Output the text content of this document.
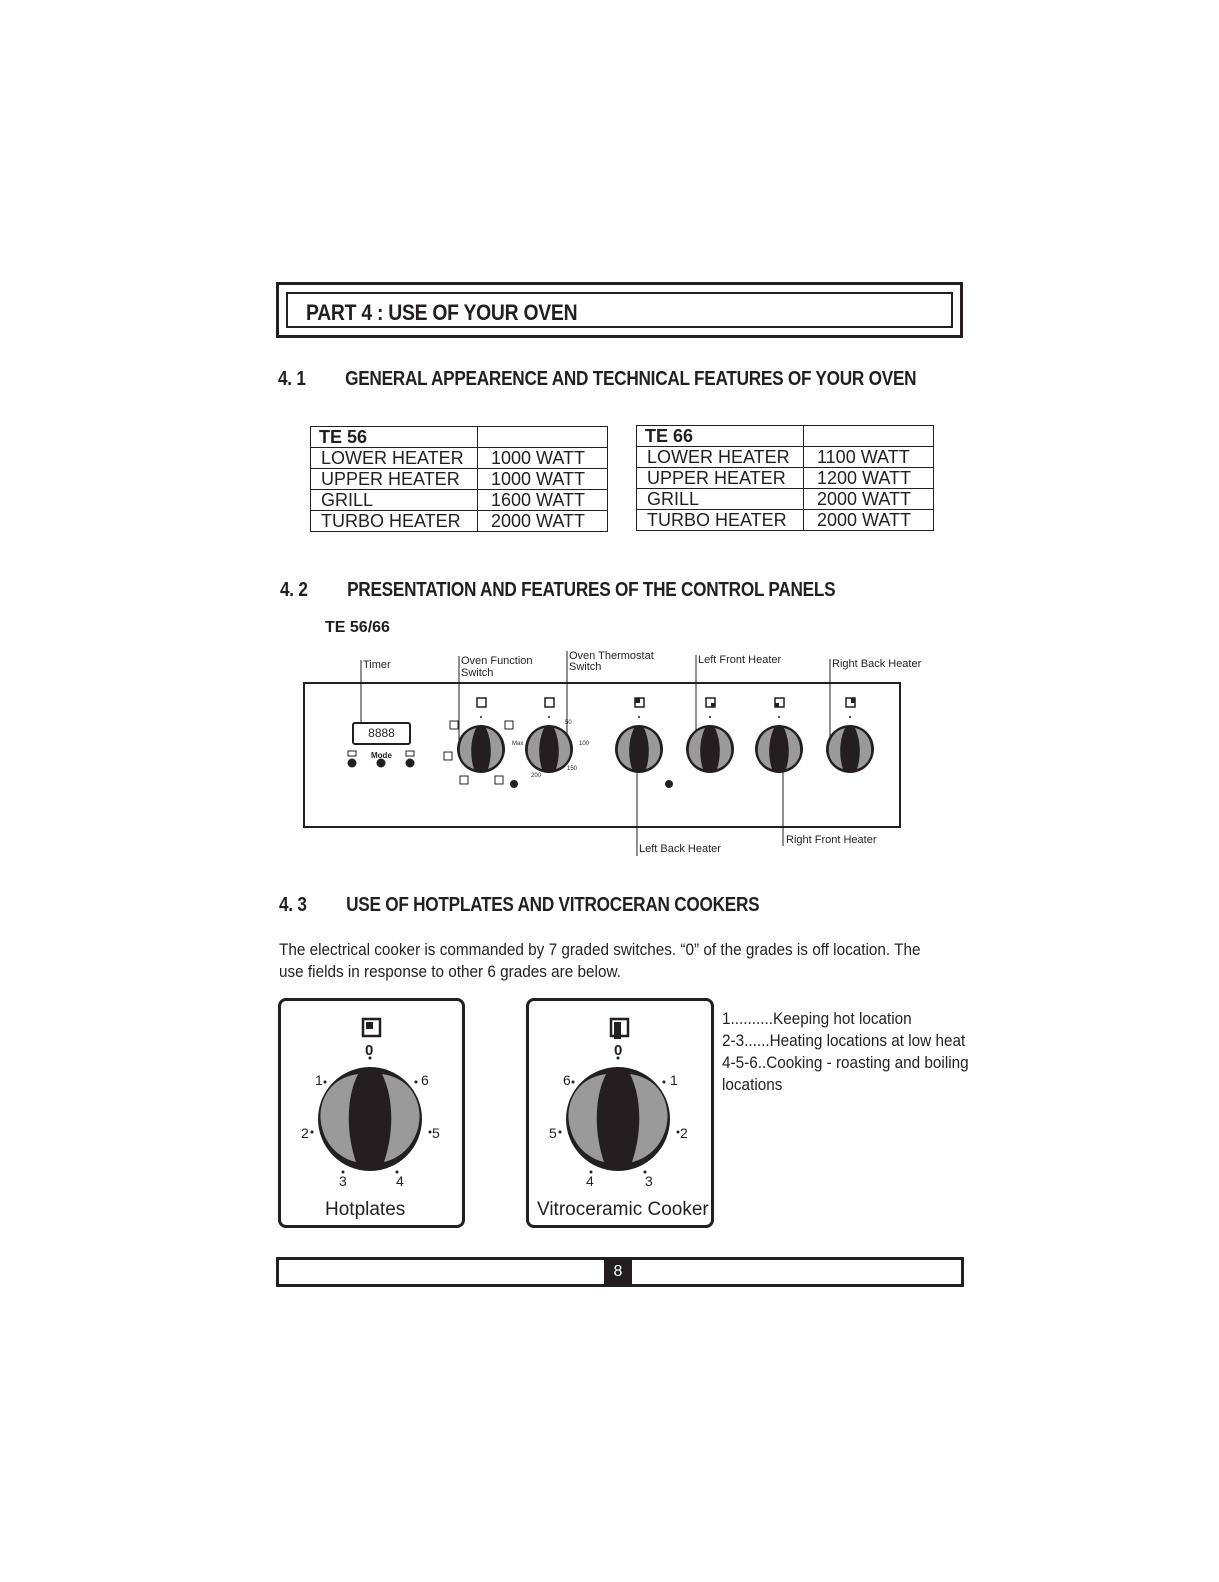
PART 4 : USE OF YOUR OVEN
4. 1 GENERAL APPEARENCE AND TECHNICAL FEATURES OF YOUR OVEN
TE 56	
LOWER HEATER	1000 WATT
UPPER HEATER	1000 WATT
GRILL	1600 WATT
TURBO HEATER	2000 WATT
TE 66	
LOWER HEATER	1100 WATT
UPPER HEATER	1200 WATT
GRILL	2000 WATT
TURBO HEATER	2000 WATT
4. 2 PRESENTATION AND FEATURES OF THE CONTROL PANELS
TE 56/66
Timer	Oven Function
Switch
Oven Thermostat
Switch
Left Front Heater	Right Back Heater
Left Back Heater
Right Front Heater
8888
Mode
Max
200
150
100
50
4. 3 USE OF HOTPLATES AND VITROCERAN COOKERS
The electrical cooker is commanded by 7 graded switches. “0” of the grades is off location. The
use fields in response to other 6 grades are below.
0
1
2
3	4
5
6
Hotplates
0
6
5
4	3
2
1
Vitroceramic Cooker
1..........Keeping hot location
2-3......Heating locations at low heat
4-5-6..Cooking - roasting and boiling
locations
8
